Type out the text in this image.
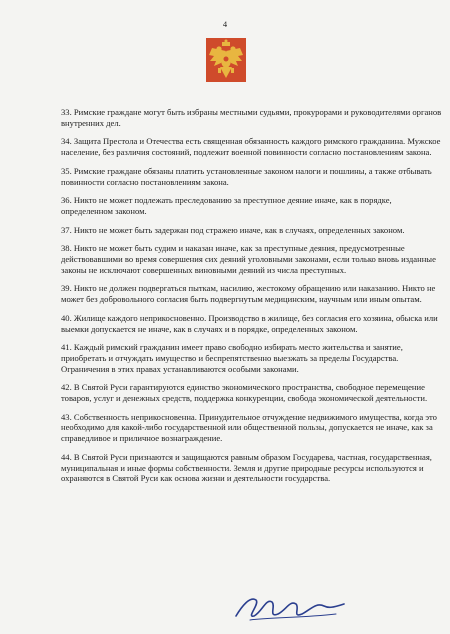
4

33. Римские граждане могут быть избраны местными судьями, прокурорами и руководителями органов внутренних дел.

34. Защита Престола и Отечества есть священная обязанность каждого римского гражданина. Мужское население, без различия состояний, подлежит военной повинности согласно постановлениям закона.

35. Римские граждане обязаны платить установленные законом налоги и пошлины, а также отбывать повинности согласно постановлениям закона.

36. Никто не может подлежать преследованию за преступное деяние иначе, как в порядке, определенном законом.

37. Никто не может быть задержан под стражею иначе, как в случаях, определенных законом.

38. Никто не может быть судим и наказан иначе, как за преступные деяния, предусмотренные действовавшими во время совершения сих деяний уголовными законами, если только вновь изданные законы не исключают совершенных виновными деяний из числа преступных.

39. Никто не должен подвергаться пыткам, насилию, жестокому обращению или наказанию. Никто не может без добровольного согласия быть подвергнутым медицинским, научным или иным опытам.

40. Жилище каждого неприкосновенно. Производство в жилище, без согласия его хозяина, обыска или выемки допускается не иначе, как в случаях и в порядке, определенных законом.

41. Каждый римский гражданин имеет право свободно избирать место жительства и занятие, приобретать и отчуждать имущество и беспрепятственно выезжать за пределы Государства. Ограничения в этих правах устанавливаются особыми законами.

42. В Святой Руси гарантируются единство экономического пространства, свободное перемещение товаров, услуг и денежных средств, поддержка конкуренции, свобода экономической деятельности.

43. Собственность неприкосновенна. Принудительное отчуждение недвижимого имущества, когда это необходимо для какой-либо государственной или общественной пользы, допускается не иначе, как за справедливое и приличное вознаграждение.

44. В Святой Руси признаются и защищаются равным образом Государева, частная, государственная, муниципальная и иные формы собственности. Земля и другие природные ресурсы используются и охраняются в Святой Руси как основа жизни и деятельности государства.
